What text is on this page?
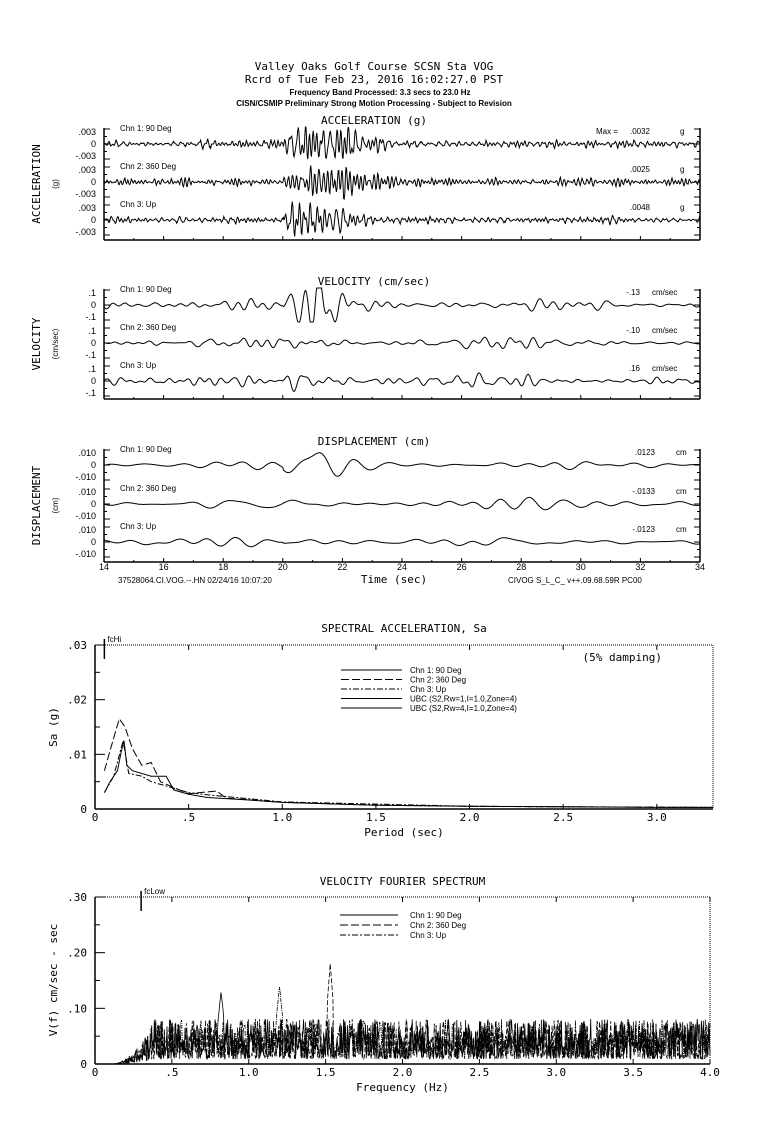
Valley Oaks Golf Course SCSN Sta VOG
Rcrd of Tue Feb 23, 2016 16:02:27.0 PST
Frequency Band Processed: 3.3 secs to 23.0 Hz
CISN/CSMIP Preliminary Strong Motion Processing - Subject to Revision
ACCELERATION (g)
ACCELERATION (g)
.003
0
-.003
Chn 1: 90 Deg	Max = .0032	g
.003
0
-.003
Chn 2: 360 Deg	.0025	g
.003
0
-.003
Chn 3: Up	.0048	g
VELOCITY (cm/sec)
VELOCITY (cm/sec)
.1
0
-.1
Chn 1: 90 Deg	-.13 cm/sec
.1
0
-.1
Chn 2: 360 Deg	-.10 cm/sec
.1
0
-.1
Chn 3: Up	.16 cm/sec
DISPLACEMENT (cm)
DISPLACEMENT (cm)
.010
0
-.010
Chn 1: 90 Deg	.0123	cm
.010
0
-.010
Chn 2: 360 Deg	-.0133	cm
.010
0
-.010
Chn 3: Up	-.0123	cm
14	16	18	20	22	24	26	28	30	32	34
Time (sec)
37528064.CI.VOG.--.HN 02/24/16 10:07:20	CIVOG S_L_C_ v++.09.68.59R PC00
SPECTRAL ACCELERATION, Sa
0	.5	1.0	1.5	2.0	2.5	3.0
.03
.02
.01
0
Period (sec)
fcHi
Sa (g)
(5% damping)
Chn 1: 90 Deg
Chn 2: 360 Deg
Chn 3: Up
UBC (S2,Rw=1,I=1.0,Zone=4)
UBC (S2,Rw=4,I=1.0,Zone=4)
VELOCITY FOURIER SPECTRUM
0	.5	1.0	1.5	2.0	2.5	3.0	3.5	4.0
.30
.20
.10
0
Frequency (Hz)
fcLow
V(f) cm/sec - sec
Chn 1: 90 Deg
Chn 2: 360 Deg
Chn 3: Up
